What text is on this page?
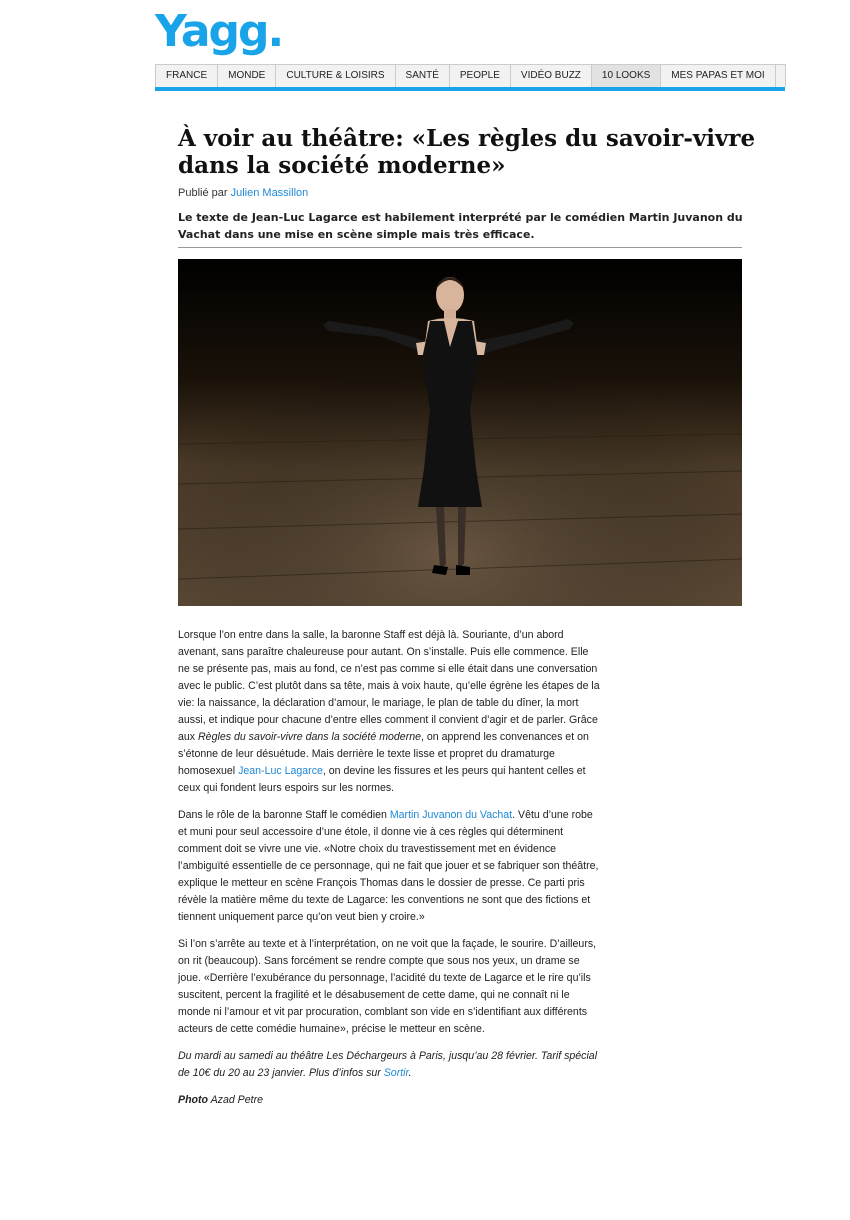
Yagg.
FRANCE	MONDE	CULTURE & LOISIRS	SANTÉ	PEOPLE	VIDÉO BUZZ	10 LOOKS	MES PAPAS ET MOI
À voir au théâtre: «Les règles du savoir-vivre dans la société moderne»
Publié par Julien Massillon

Le texte de Jean-Luc Lagarce est habilement interprété par le comédien Martin Juvanon du Vachat dans une mise en scène simple mais très efficace.

Lorsque l’on entre dans la salle, la baronne Staff est déjà là. Souriante, d’un abord avenant, sans paraître chaleureuse pour autant. On s’installe. Puis elle commence. Elle ne se présente pas, mais au fond, ce n’est pas comme si elle était dans une conversation avec le public. C’est plutôt dans sa tête, mais à voix haute, qu’elle égrène les étapes de la vie: la naissance, la déclaration d’amour, le mariage, le plan de table du dîner, la mort aussi, et indique pour chacune d’entre elles comment il convient d’agir et de parler. Grâce aux Règles du savoir-vivre dans la société moderne, on apprend les convenances et on s’étonne de leur désuétude. Mais derrière le texte lisse et propret du dramaturge homosexuel Jean-Luc Lagarce, on devine les fissures et les peurs qui hantent celles et ceux qui fondent leurs espoirs sur les normes.

Dans le rôle de la baronne Staff le comédien Martin Juvanon du Vachat. Vêtu d’une robe et muni pour seul accessoire d’une étole, il donne vie à ces règles qui déterminent comment doit se vivre une vie. «Notre choix du travestissement met en évidence l’ambiguïté essentielle de ce personnage, qui ne fait que jouer et se fabriquer son théâtre, explique le metteur en scène François Thomas dans le dossier de presse. Ce parti pris révèle la matière même du texte de Lagarce: les conventions ne sont que des fictions et tiennent uniquement parce qu’on veut bien y croire.»

Si l’on s’arrête au texte et à l’interprétation, on ne voit que la façade, le sourire. D’ailleurs, on rit (beaucoup). Sans forcément se rendre compte que sous nos yeux, un drame se joue. «Derrière l’exubérance du personnage, l’acidité du texte de Lagarce et le rire qu’ils suscitent, percent la fragilité et le désabusement de cette dame, qui ne connaît ni le monde ni l’amour et vit par procuration, comblant son vide en s’identifiant aux différents acteurs de cette comédie humaine», précise le metteur en scène.

Du mardi au samedi au théâtre Les Déchargeurs à Paris, jusqu’au 28 février. Tarif spécial de 10€ du 20 au 23 janvier. Plus d’infos sur Sortir.

Photo Azad Petre
